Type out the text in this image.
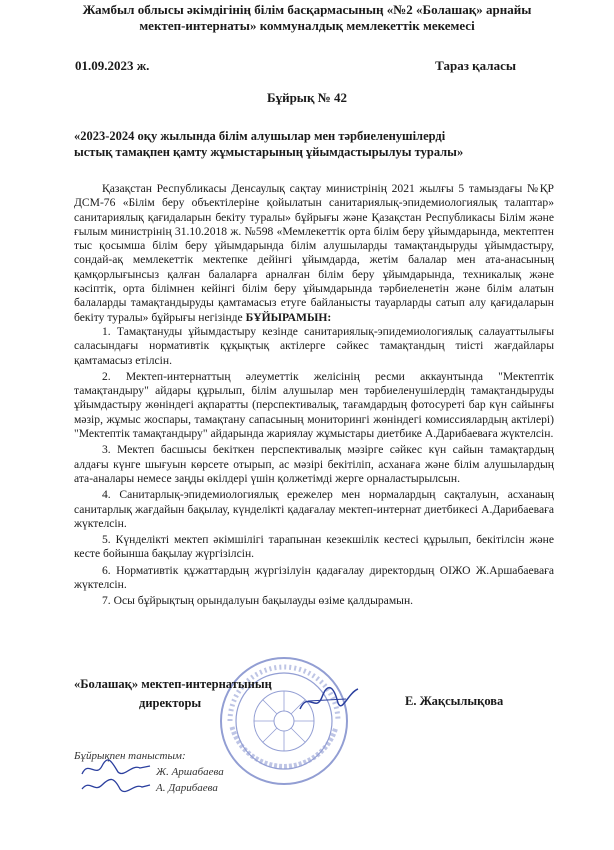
Жамбыл облысы әкімдігінің білім басқармасының «№2 «Болашақ» арнайы
мектеп-интернаты» коммуналдық мемлекеттік мекемесі
01.09.2023 ж.	Тараз қаласы
Бұйрық № 42
«2023-2024 оқу жылында білім алушылар мен тәрбиеленушілерді
ыстық тамақпен қамту жұмыстарының ұйымдастырылуы туралы»

Қазақстан Республикасы Денсаулық сақтау министрінің 2021 жылғы 5 тамыздағы №ҚР ДСМ-76 «Білім беру объектілеріне қойылатын санитариялық-эпидемиологиялық талаптар» санитариялық қағидаларын бекіту туралы» бұйрығы және Қазақстан Республикасы Білім және ғылым министрінің 31.10.2018 ж. №598 «Мемлекеттік орта білім беру ұйымдарында, мектептен тыс қосымша білім беру ұйымдарында білім алушыларды тамақтандыруды ұйымдастыру, сондай-ақ мемлекеттік мектепке дейінгі ұйымдарда, жетім балалар мен ата-анасының қамқорлығынсыз қалған балаларға арналған білім беру ұйымдарында, техникалық және кәсіптік, орта білімнен кейінгі білім беру ұйымдарында тәрбиеленетін және білім алатын балаларды тамақтандыруды қамтамасыз етуге байланысты тауарларды сатып алу қағидаларын бекіту туралы» бұйрығы негізінде БҰЙЫРАМЫН:

1. Тамақтануды ұйымдастыру кезінде санитариялық-эпидемиологиялық салауаттылығы саласындағы нормативтік құқықтық актілерге сәйкес тамақтандың тиісті жағдайлары қамтамасыз етілсін.

2. Мектеп-интернаттың әлеуметтік желісінің ресми аккаунтында "Мектептік тамақтандыру" айдары құрылып, білім алушылар мен тәрбиеленушілердің тамақтандыруды ұйымдастыру жөніндегі ақпаратты (перспективалық, тағамдардың фотосуреті бар күн сайынғы мәзір, жұмыс жоспары, тамақтану сапасының мониторингі жөніндегі комиссиялардың актілері) "Мектептік тамақтандыру" айдарында жариялау жұмыстары диетбике А.Дарибаеваға жүктелсін.

3. Мектеп басшысы бекіткен перспективалық мәзірге сәйкес күн сайын тамақтардың алдағы күнге шығуын көрсете отырып, ас мәзірі бекітіліп, асханаға және білім алушылардың ата-аналары немесе заңды өкілдері үшін қолжетімді жерге орналастырылсын.

4. Санитарлық-эпидемиологиялық ережелер мен нормалардың сақталуын, асханаың санитарлық жағдайын бақылау, күнделікті қадағалау мектеп-интернат диетбикесі А.Дарибаеваға жүктелсін.

5. Күнделікті мектеп әкімшілігі тарапынан кезекшілік кестесі құрылып, бекітілсін және кесте бойынша бақылау жүргізілсін.

6. Нормативтік құжаттардың жүргізілуін қадағалау директордың ОІЖО Ж.Аршабаеваға жүктелсін.

7. Осы бұйрықтың орындалуын бақылауды өзіме қалдырамын.

«Болашақ» мектеп-интернатының
директоры	Е. Жақсылықова
Бұйрықпен таныстым:
Ж. Аршабаева
А. Дарибаева
